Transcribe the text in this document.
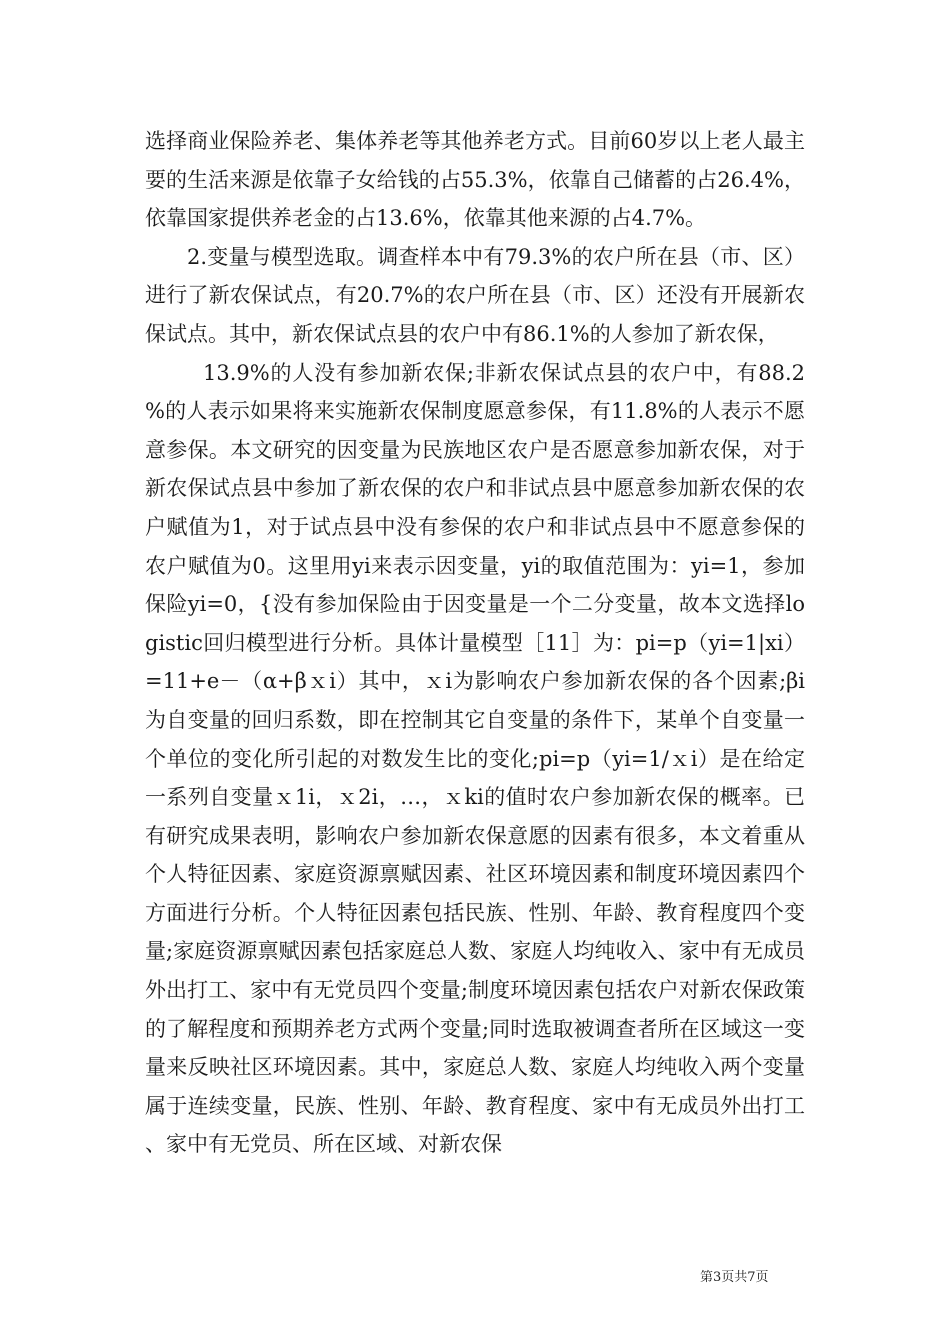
选择商业保险养老、集体养老等其他养老方式。目前60岁以上老人最主要的生活来源是依靠子女给钱的占55.3%，依靠自己储蓄的占26.4%，依靠国家提供养老金的占13.6%，依靠其他来源的占4.7%。

2.变量与模型选取。调查样本中有79.3%的农户所在县（市、区）进行了新农保试点，有20.7%的农户所在县（市、区）还没有开展新农保试点。其中，新农保试点县的农户中有86.1%的人参加了新农保，

13.9%的人没有参加新农保;非新农保试点县的农户中，有88.2%的人表示如果将来实施新农保制度愿意参保，有11.8%的人表示不愿意参保。本文研究的因变量为民族地区农户是否愿意参加新农保，对于新农保试点县中参加了新农保的农户和非试点县中愿意参加新农保的农户赋值为1，对于试点县中没有参保的农户和非试点县中不愿意参保的农户赋值为0。这里用yi来表示因变量，yi的取值范围为：yi=1，参加保险yi=0，{没有参加保险由于因变量是一个二分变量，故本文选择logistic回归模型进行分析。具体计量模型［11］为：pi=p（yi=1|xi）=11+e－（α+βｘi）其中，ｘi为影响农户参加新农保的各个因素;βi为自变量的回归系数，即在控制其它自变量的条件下，某单个自变量一个单位的变化所引起的对数发生比的变化;pi=p（yi=1/ｘi）是在给定一系列自变量ｘ1i，ｘ2i，…，ｘki的值时农户参加新农保的概率。已有研究成果表明，影响农户参加新农保意愿的因素有很多，本文着重从个人特征因素、家庭资源禀赋因素、社区环境因素和制度环境因素四个方面进行分析。个人特征因素包括民族、性别、年龄、教育程度四个变量;家庭资源禀赋因素包括家庭总人数、家庭人均纯收入、家中有无成员外出打工、家中有无党员四个变量;制度环境因素包括农户对新农保政策的了解程度和预期养老方式两个变量;同时选取被调查者所在区域这一变量来反映社区环境因素。其中，家庭总人数、家庭人均纯收入两个变量属于连续变量，民族、性别、年龄、教育程度、家中有无成员外出打工、家中有无党员、所在区域、对新农保

第3页共7页
